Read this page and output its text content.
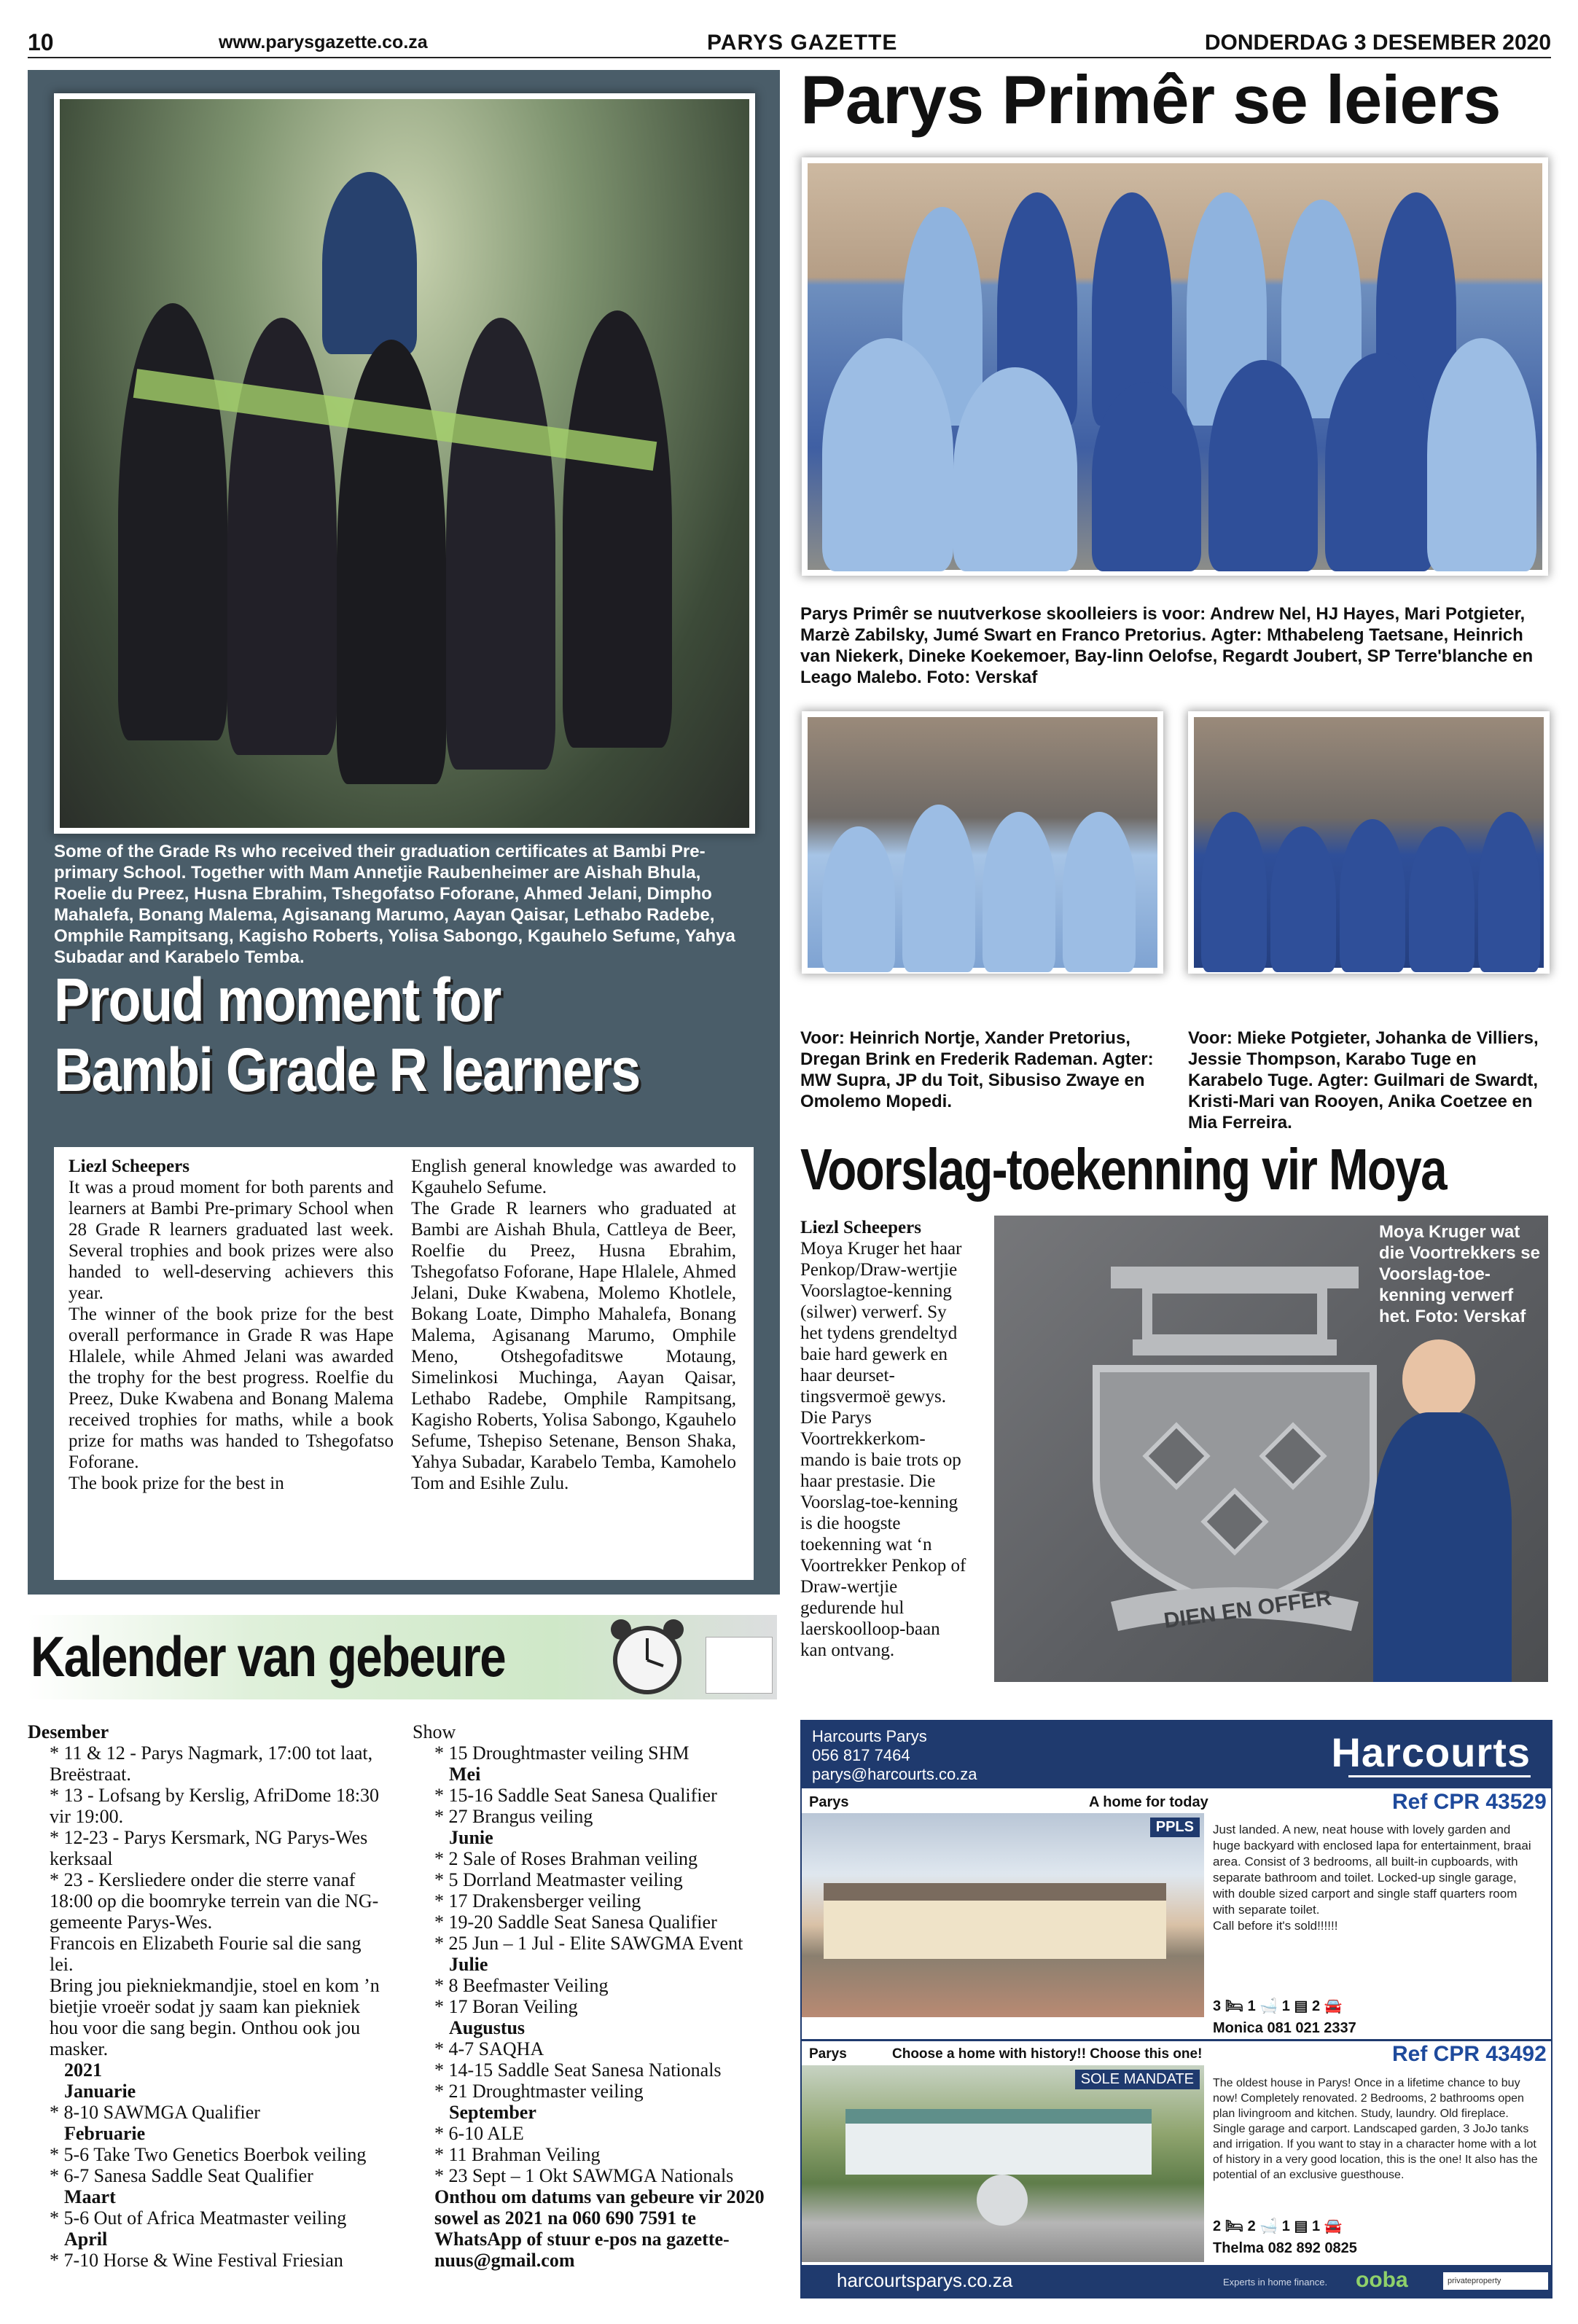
10	www.parysgazette.co.za	PARYS GAZETTE	DONDERDAG 3 DESEMBER 2020
Some of the Grade Rs who received their graduation certificates at Bambi Pre-primary School. Together with Mam Annetjie Raubenheimer are Aishah Bhula, Roelie du Preez, Husna Ebrahim, Tshegofatso Foforane, Ahmed Jelani, Dimpho Mahalefa, Bonang Malema, Agisanang Marumo, Aayan Qaisar, Lethabo Radebe, Omphile Rampitsang, Kagisho Roberts, Yolisa Sabongo, Kgauhelo Sefume, Yahya Subadar and Karabelo Temba.
Proud moment for
Bambi Grade R learners
Liezl Scheepers
It was a proud moment for both parents and learners at Bambi Pre-primary School when 28 Grade R learners graduated last week. Several trophies and book prizes were also handed to well-deserving achievers this year.
The winner of the book prize for the best overall performance in Grade R was Hape Hlalele, while Ahmed Jelani was awarded the trophy for the best progress. Roelfie du Preez, Duke Kwabena and Bonang Malema received trophies for maths, while a book prize for maths was handed to Tshegofatso Foforane.
The book prize for the best in
English general knowledge was awarded to Kgauhelo Sefume.
The Grade R learners who graduated at Bambi are Aishah Bhula, Cattleya de Beer, Roelfie du Preez, Husna Ebrahim, Tshegofatso Foforane, Hape Hlalele, Ahmed Jelani, Duke Kwabena, Molemo Khotlele, Bokang Loate, Dimpho Mahalefa, Bonang Malema, Agisanang Marumo, Omphile Meno, Otshegofaditswe Motaung, Simelinkosi Muchinga, Aayan Qaisar, Lethabo Radebe, Omphile Rampitsang, Kagisho Roberts, Yolisa Sabongo, Kgauhelo Sefume, Tshepiso Setenane, Benson Shaka, Yahya Subadar, Karabelo Temba, Kamohelo Tom and Esihle Zulu.
Parys Primêr se leiers
Parys Primêr se nuutverkose skoolleiers is voor: Andrew Nel, HJ Hayes, Mari Potgieter, Marzè Zabilsky, Jumé Swart en Franco Pretorius. Agter: Mthabeleng Taetsane, Heinrich van Niekerk, Dineke Koekemoer, Bay-linn Oelofse, Regardt Joubert, SP Terre'blanche en Leago Malebo. Foto: Verskaf
Voor: Heinrich Nortje, Xander Pretorius, Dregan Brink en Frederik Rademan. Agter: MW Supra, JP du Toit, Sibusiso Zwaye en Omolemo Mopedi.
Voor: Mieke Potgieter, Johanka de Villiers, Jessie Thompson, Karabo Tuge en Karabelo Tuge. Agter: Guilmari de Swardt, Kristi-Mari van Rooyen, Anika Coetzee en Mia Ferreira.
Voorslag-toekenning vir Moya
Liezl Scheepers
Moya Kruger het haar Penkop/Draw-wertjie Voorslagtoe-kenning (silwer) verwerf. Sy het tydens grendeltyd baie hard gewerk en haar deurset-tingsvermoë gewys.
Die Parys Voortrekkerkom-mando is baie trots op haar prestasie. Die Voorslag-toe-kenning is die hoogste toekenning wat ‘n Voortrekker Penkop of Draw-wertjie gedurende hul laerskoolloop-baan kan ontvang.
DIEN EN OFFER
Moya Kruger wat die Voortrekkers se Voorslag-toe-kenning verwerf het. Foto: Verskaf
Kalender van gebeure
Desember
* 11 & 12 - Parys Nagmark, 17:00 tot laat, Breëstraat.
* 13 - Lofsang by Kerslig, AfriDome 18:30 vir 19:00.
* 12-23 - Parys Kersmark, NG Parys-Wes kerksaal
* 23 - Kersliedere onder die sterre vanaf 18:00 op die boomryke terrein van die NG-gemeente Parys-Wes.
Francois en Elizabeth Fourie sal die sang lei.
Bring jou piekniekmandjie, stoel en kom ’n bietjie vroeër sodat jy saam kan piekniek hou voor die sang begin. Onthou ook jou masker.
2021
Januarie
* 8-10 SAWMGA Qualifier
Februarie
* 5-6 Take Two Genetics Boerbok veiling
* 6-7 Sanesa Saddle Seat Qualifier
Maart
* 5-6 Out of Africa Meatmaster veiling
April
* 7-10 Horse & Wine Festival Friesian
Show
* 15 Droughtmaster veiling SHM
Mei
* 15-16 Saddle Seat Sanesa Qualifier
* 27 Brangus veiling
Junie
* 2 Sale of Roses Brahman veiling
* 5 Dorrland Meatmaster veiling
* 17 Drakensberger veiling
* 19-20 Saddle Seat Sanesa Qualifier
* 25 Jun – 1 Jul - Elite SAWGMA Event
Julie
* 8 Beefmaster Veiling
* 17 Boran Veiling
Augustus
* 4-7 SAQHA
* 14-15 Saddle Seat Sanesa Nationals
* 21 Droughtmaster veiling
September
* 6-10 ALE
* 11 Brahman Veiling
* 23 Sept – 1 Okt SAWMGA Nationals
Onthou om datums van gebeure vir 2020 sowel as 2021 na 060 690 7591 te WhatsApp of stuur e-pos na gazette-nuus@gmail.com
Harcourts Parys
056 817 7464
parys@harcourts.co.za	Harcourts
Parys	A home for today	Ref CPR 43529
PPLS	Just landed. A new, neat house with lovely garden and huge backyard with enclosed lapa for entertainment, braai area. Consist of 3 bedrooms, all built-in cupboards, with separate bathroom and toilet. Locked-up single garage, with double sized carport and single staff quarters room with separate toilet.
Call before it's sold!!!!!!
3 🛏 1 🛁 1 ▤ 2 🚘
Monica 081 021 2337
Parys	Choose a home with history!! Choose this one!	Ref CPR 43492
SOLE MANDATE	The oldest house in Parys! Once in a lifetime chance to buy now! Completely renovated. 2 Bedrooms, 2 bathrooms open plan livingroom and kitchen. Study, laundry. Old fireplace. Single garage and carport. Landscaped garden, 3 JoJo tanks and irrigation. If you want to stay in a character home with a lot of history in a very good location, this is the one! It also has the potential of an exclusive guesthouse.
2 🛏 2 🛁 1 ▤ 1 🚘
Thelma 082 892 0825
harcourtsparys.co.za	Experts in home finance. ooba	privateproperty
